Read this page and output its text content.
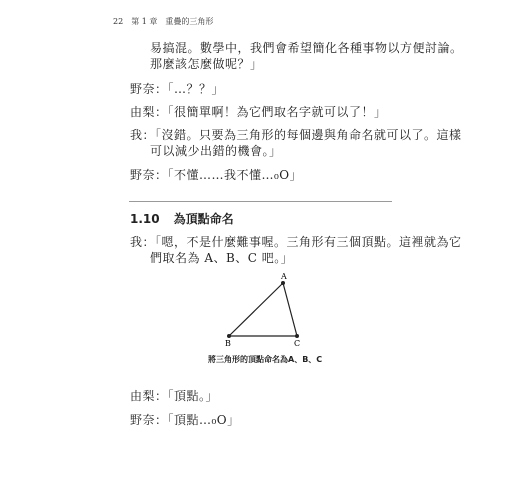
22 第 1 章 重疊的三角形
易搞混。數學中，我們會希望簡化各種事物以方便討論。
那麼該怎麼做呢？」
野奈：「…？？」
由梨：「很簡單啊！為它們取名字就可以了！」
我：「沒錯。只要為三角形的每個邊與角命名就可以了。這樣
可以減少出錯的機會。」
野奈：「不懂……我不懂…₀O」
1.10 為頂點命名
我：「嗯，不是什麼難事喔。三角形有三個頂點。這裡就為它
們取名為 A、B、C 吧。」
A
B	C
將三角形的頂點命名為A、B、C
由梨：「頂點。」
野奈：「頂點…₀O」
